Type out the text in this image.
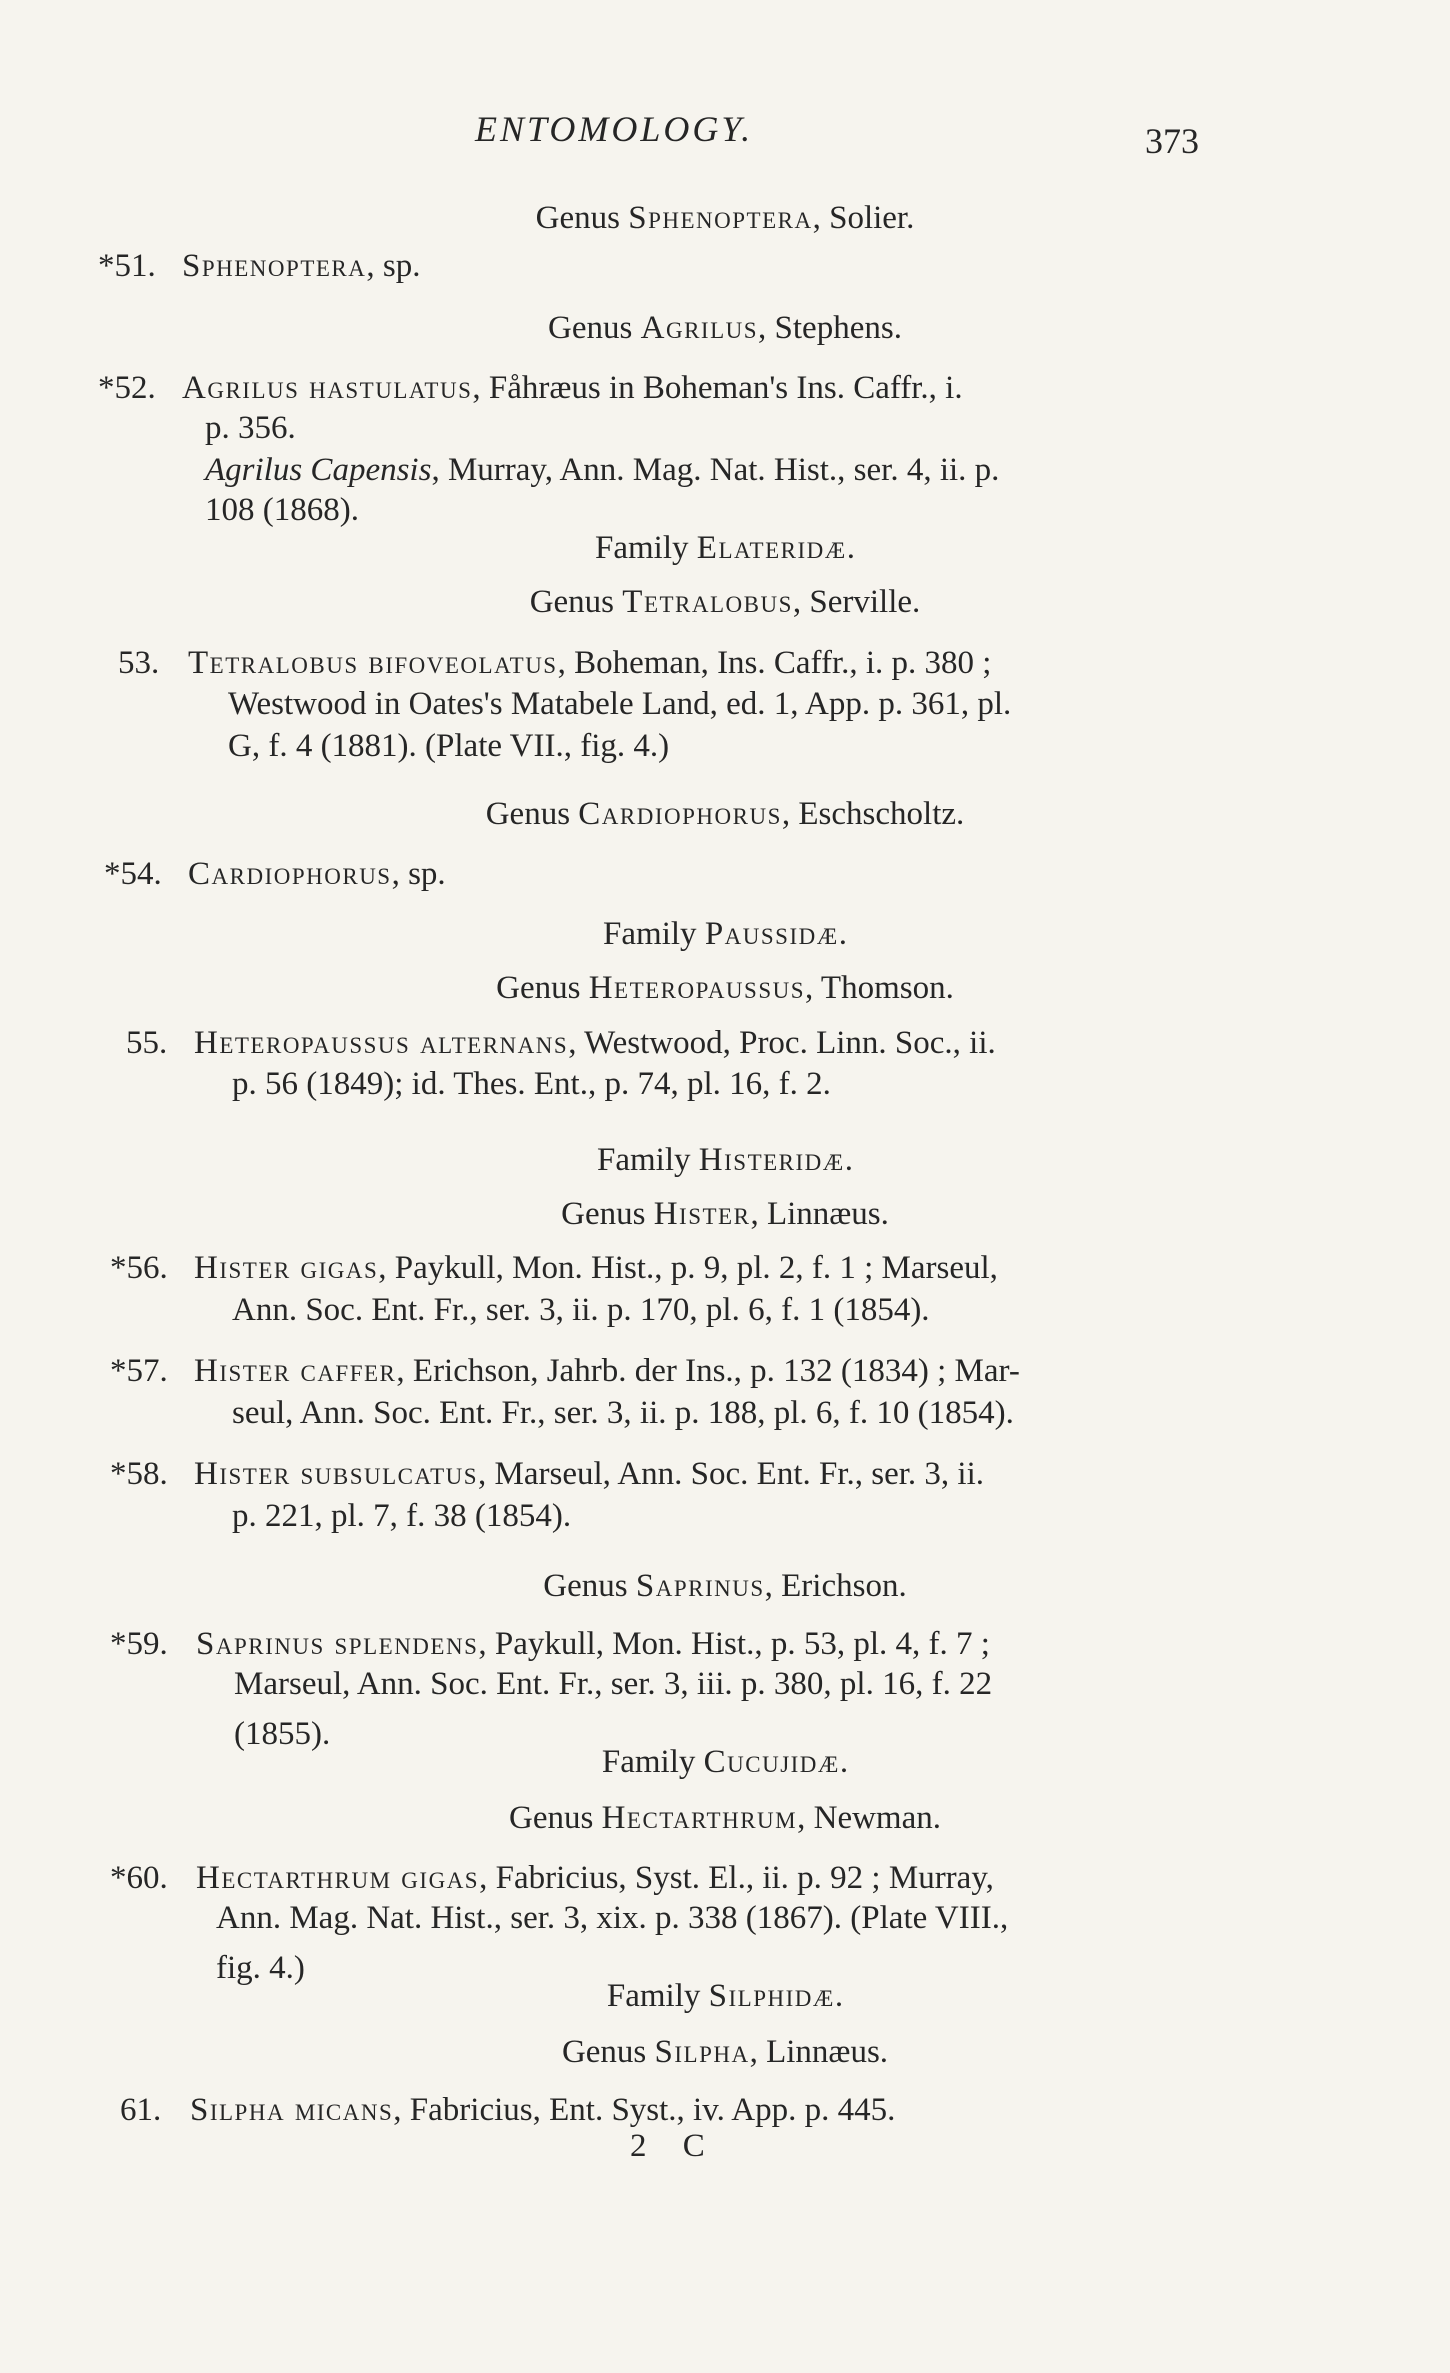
ENTOMOLOGY.	373
Genus Sphenoptera, Solier.
*51. Sphenoptera, sp.
Genus Agrilus, Stephens.
*52. Agrilus hastulatus, Fåhræus in Boheman's Ins. Caffr., i.
p. 356.
Agrilus Capensis, Murray, Ann. Mag. Nat. Hist., ser. 4, ii. p.
108 (1868).
Family Elateridæ.
Genus Tetralobus, Serville.
53. Tetralobus bifoveolatus, Boheman, Ins. Caffr., i. p. 380 ;
Westwood in Oates's Matabele Land, ed. 1, App. p. 361, pl.
G, f. 4 (1881). (Plate VII., fig. 4.)
Genus Cardiophorus, Eschscholtz.
*54. Cardiophorus, sp.
Family Paussidæ.
Genus Heteropaussus, Thomson.
55. Heteropaussus alternans, Westwood, Proc. Linn. Soc., ii.
p. 56 (1849); id. Thes. Ent., p. 74, pl. 16, f. 2.
Family Histeridæ.
Genus Hister, Linnæus.
*56. Hister gigas, Paykull, Mon. Hist., p. 9, pl. 2, f. 1 ; Marseul,
Ann. Soc. Ent. Fr., ser. 3, ii. p. 170, pl. 6, f. 1 (1854).
*57. Hister caffer, Erichson, Jahrb. der Ins., p. 132 (1834) ; Mar-
seul, Ann. Soc. Ent. Fr., ser. 3, ii. p. 188, pl. 6, f. 10 (1854).
*58. Hister subsulcatus, Marseul, Ann. Soc. Ent. Fr., ser. 3, ii.
p. 221, pl. 7, f. 38 (1854).
Genus Saprinus, Erichson.
*59. Saprinus splendens, Paykull, Mon. Hist., p. 53, pl. 4, f. 7 ;
Marseul, Ann. Soc. Ent. Fr., ser. 3, iii. p. 380, pl. 16, f. 22
(1855).
Family Cucujidæ.
Genus Hectarthrum, Newman.
*60. Hectarthrum gigas, Fabricius, Syst. El., ii. p. 92 ; Murray,
Ann. Mag. Nat. Hist., ser. 3, xix. p. 338 (1867). (Plate VIII.,
fig. 4.)
Family Silphidæ.
Genus Silpha, Linnæus.
61. Silpha micans, Fabricius, Ent. Syst., iv. App. p. 445.
2 C
